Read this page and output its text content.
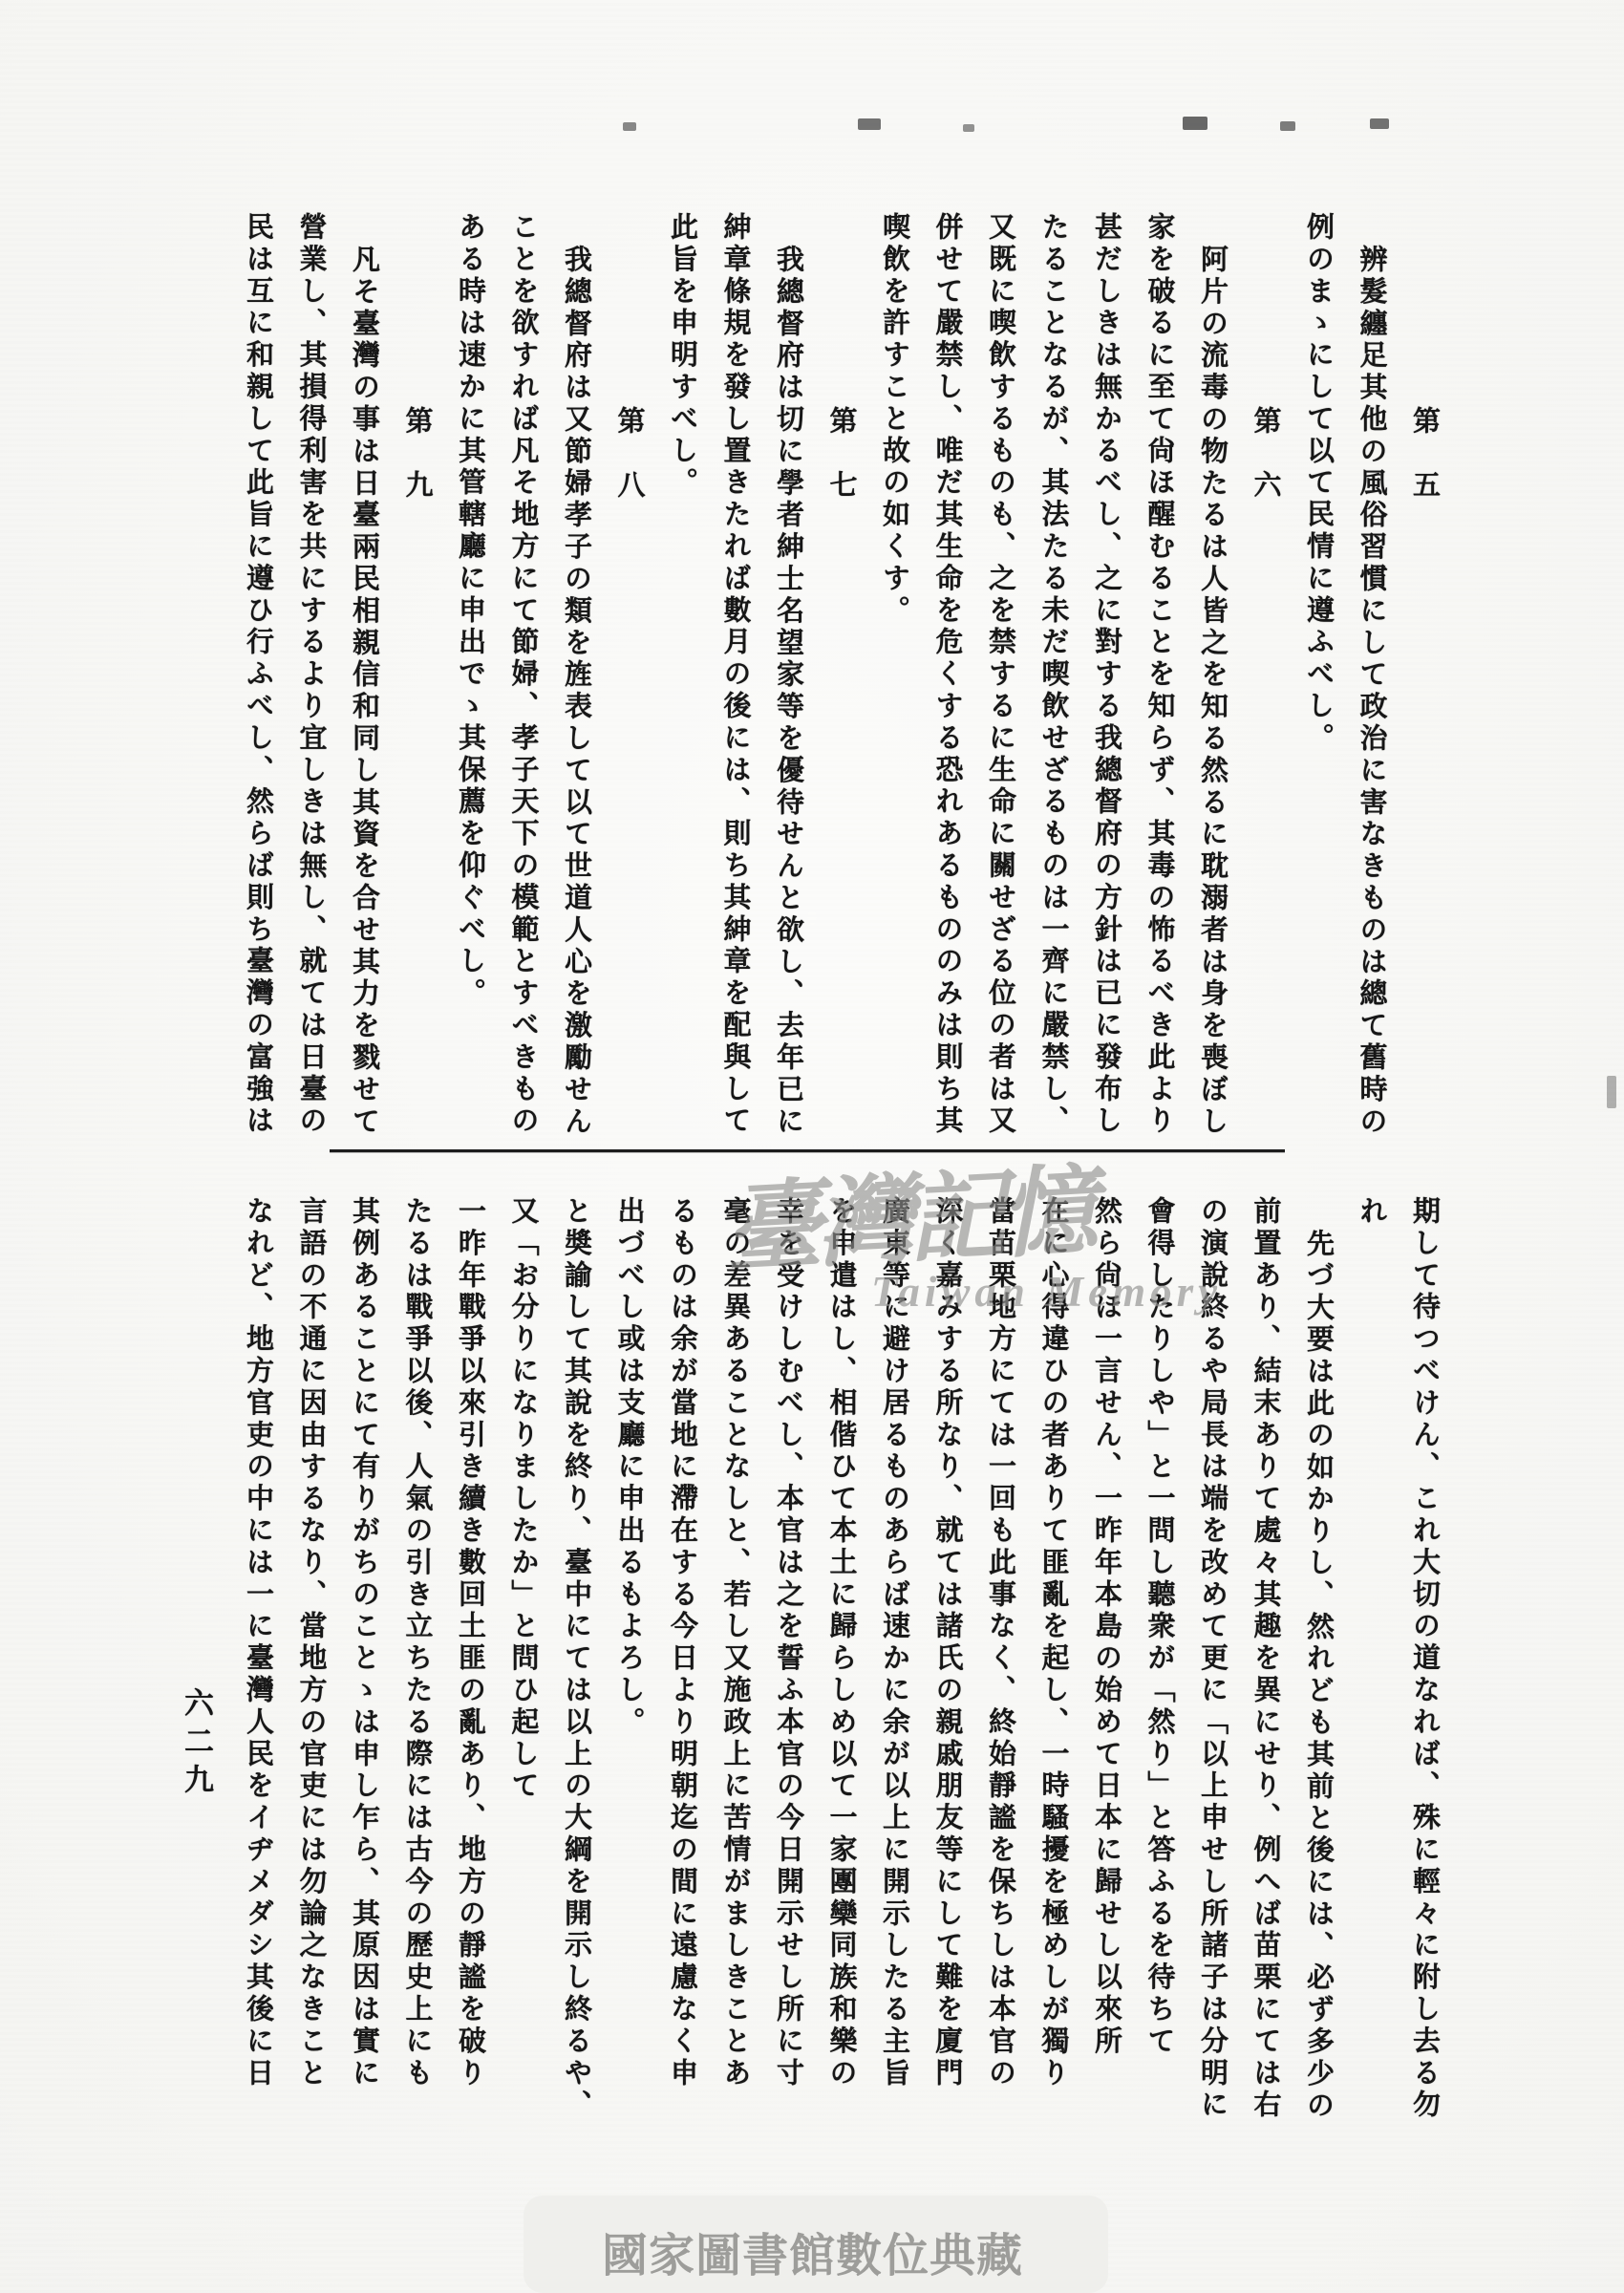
第　五
辨髮纏足其他の風俗習慣にして政治に害なきものは總て舊時の
例のまゝにして以て民情に遵ふべし。
第　六
阿片の流毒の物たるは人皆之を知る然るに耽溺者は身を喪ぼし
家を破るに至て尙ほ醒むることを知らず、其毒の怖るべき此より
甚だしきは無かるべし、之に對する我總督府の方針は已に發布し
たることなるが、其法たる未だ喫飲せざるものは一齊に嚴禁し、
又既に喫飲するものも、之を禁するに生命に關せざる位の者は又
併せて嚴禁し、唯だ其生命を危くする恐れあるもののみは則ち其
喫飲を許すこと故の如くす。
第　七
我總督府は切に學者紳士名望家等を優待せんと欲し、去年已に
紳章條規を發し置きたれば數月の後には、則ち其紳章を配與して
此旨を申明すべし。
第　八
我總督府は又節婦孝子の類を旌表して以て世道人心を激勵せん
ことを欲すれば凡そ地方にて節婦、孝子天下の模範とすべきもの
ある時は速かに其管轄廳に申出でゝ其保薦を仰ぐべし。
第　九
凡そ臺灣の事は日臺兩民相親信和同し其資を合せ其力を戮せて
營業し、其損得利害を共にするより宜しきは無し、就ては日臺の
民は互に和親して此旨に遵ひ行ふべし、然らば則ち臺灣の富強は
期して待つべけん、これ大切の道なれば、殊に輕々に附し去る勿
れ
先づ大要は此の如かりし、然れども其前と後には、必ず多少の
前置あり、結末ありて處々其趣を異にせり、例へば苗栗にては右
の演說終るや局長は端を改めて更に「以上申せし所諸子は分明に
會得したりしや」と一問し聽衆が「然り」と答ふるを待ちて
然ら尙ほ一言せん、一昨年本島の始めて日本に歸せし以來所
在に心得違ひの者ありて匪亂を起し、一時騷擾を極めしが獨り
當苗栗地方にては一回も此事なく、終始靜謐を保ちしは本官の
深く嘉みする所なり、就ては諸氏の親戚朋友等にして難を廈門
廣東等に避け居るものあらば速かに余が以上に開示したる主旨
を申遣はし、相偕ひて本土に歸らしめ以て一家團欒同族和樂の
幸を受けしむべし、本官は之を誓ふ本官の今日開示せし所に寸
毫の差異あることなしと、若し又施政上に苦情がましきことあ
るものは余が當地に滯在する今日より明朝迄の間に遠慮なく申
出づべし或は支廳に申出るもよろし。
と奬諭して其說を終り、臺中にては以上の大綱を開示し終るや、
又「お分りになりましたか」と問ひ起して
一昨年戰爭以來引き續き數回土匪の亂あり、地方の靜謐を破り
たるは戰爭以後、人氣の引き立ちたる際には古今の歷史上にも
其例あることにて有りがちのことゝは申し乍ら、其原因は實に
言語の不通に因由するなり、當地方の官吏には勿論之なきこと
なれど、地方官吏の中には一に臺灣人民をイヂメダシ其後に日
六二九
臺灣記憶
Taiwan Memory
國家圖書館數位典藏
